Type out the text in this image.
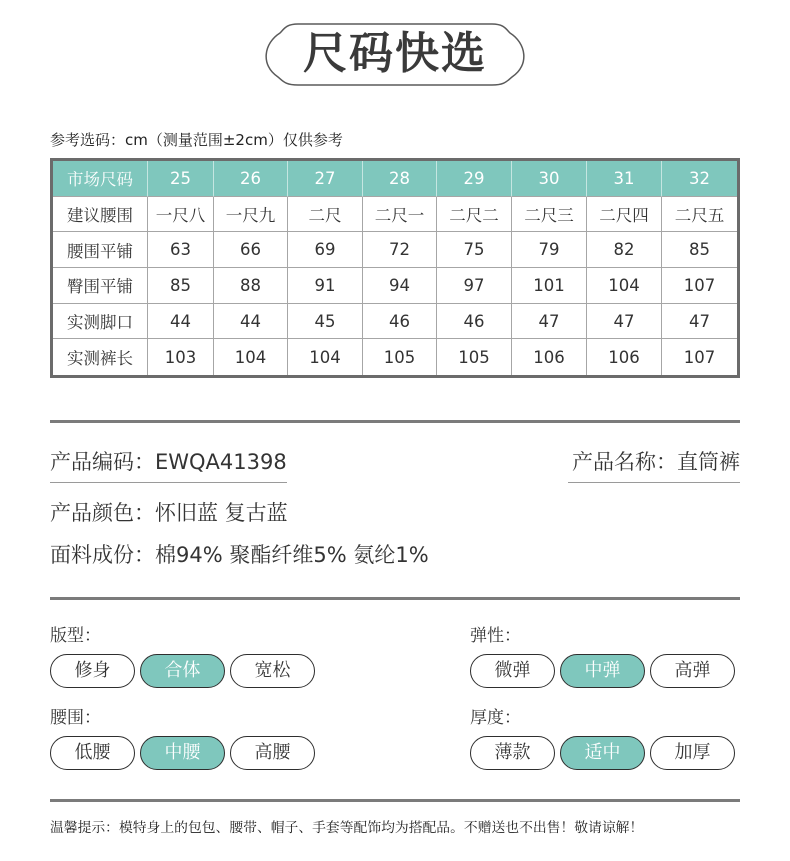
尺码快选
参考选码：cm（测量范围±2cm）仅供参考
市场尺码	25	26	27	28	29	30	31	32
建议腰围	一尺八	一尺九	二尺	二尺一	二尺二	二尺三	二尺四	二尺五
腰围平铺	63	66	69	72	75	79	82	85
臀围平铺	85	88	91	94	97	101	104	107
实测脚口	44	44	45	46	46	47	47	47
实测裤长	103	104	104	105	105	106	106	107
产品编码：EWQA41398	产品名称：直筒裤
产品颜色：怀旧蓝 复古蓝
面料成份：棉94% 聚酯纤维5% 氨纶1%
版型：
修身	合体	宽松
弹性：
微弹	中弹	高弹
腰围：
低腰	中腰	高腰
厚度：
薄款	适中	加厚
温馨提示：模特身上的包包、腰带、帽子、手套等配饰均为搭配品。不赠送也不出售！敬请谅解！
